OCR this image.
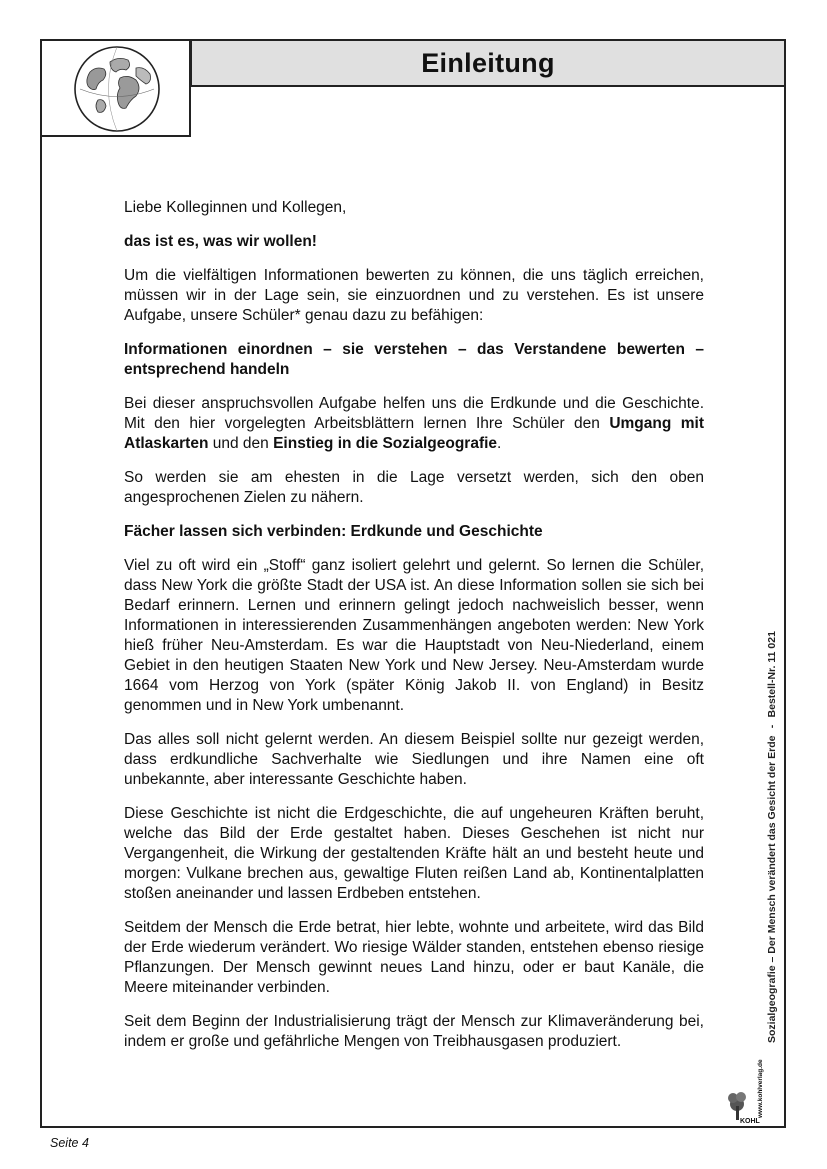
Einleitung

Liebe Kolleginnen und Kollegen,

das ist es, was wir wollen!

Um die vielfältigen Informationen bewerten zu können, die uns täglich erreichen, müssen wir in der Lage sein, sie einzuordnen und zu verstehen. Es ist unsere Aufgabe, unsere Schüler* genau dazu zu befähigen:

Informationen einordnen – sie verstehen – das Verstandene bewerten – entsprechend handeln

Bei dieser anspruchsvollen Aufgabe helfen uns die Erdkunde und die Geschichte. Mit den hier vorgelegten Arbeitsblättern lernen Ihre Schüler den Umgang mit Atlaskarten und den Einstieg in die Sozialgeografie.

So werden sie am ehesten in die Lage versetzt werden, sich den oben angesprochenen Zielen zu nähern.

Fächer lassen sich verbinden: Erdkunde und Geschichte

Viel zu oft wird ein „Stoff“ ganz isoliert gelehrt und gelernt. So lernen die Schüler, dass New York die größte Stadt der USA ist. An diese Information sollen sie sich bei Bedarf erinnern. Lernen und erinnern gelingt jedoch nachweislich besser, wenn Informationen in interessierenden Zusammenhängen angeboten werden: New York hieß früher Neu-Amsterdam. Es war die Hauptstadt von Neu-Niederland, einem Gebiet in den heutigen Staaten New York und New Jersey. Neu-Amsterdam wurde 1664 vom Herzog von York (später König Jakob II. von England) in Besitz genommen und in New York umbenannt.

Das alles soll nicht gelernt werden. An diesem Beispiel sollte nur gezeigt werden, dass erdkundliche Sachverhalte wie Siedlungen und ihre Namen eine oft unbekannte, aber interessante Geschichte haben.

Diese Geschichte ist nicht die Erdgeschichte, die auf ungeheuren Kräften beruht, welche das Bild der Erde gestaltet haben. Dieses Geschehen ist nicht nur Vergangenheit, die Wirkung der gestaltenden Kräfte hält an und besteht heute und morgen: Vulkane brechen aus, gewaltige Fluten reißen Land ab, Kontinentalplatten stoßen aneinander und lassen Erdbeben entstehen.

Seitdem der Mensch die Erde betrat, hier lebte, wohnte und arbeitete, wird das Bild der Erde wiederum verändert. Wo riesige Wälder standen, entstehen ebenso riesige Pflanzungen. Der Mensch gewinnt neues Land hinzu, oder er baut Kanäle, die Meere miteinander verbinden.

Seit dem Beginn der Industrialisierung trägt der Mensch zur Klimaveränderung bei, indem er große und gefährliche Mengen von Treibhausgasen produziert.	Sozialgeografie – Der Mensch verändert das Gesicht der Erde-Bestell-Nr. 11 021
KOHL
www.kohlverlag.de
Seite 4
